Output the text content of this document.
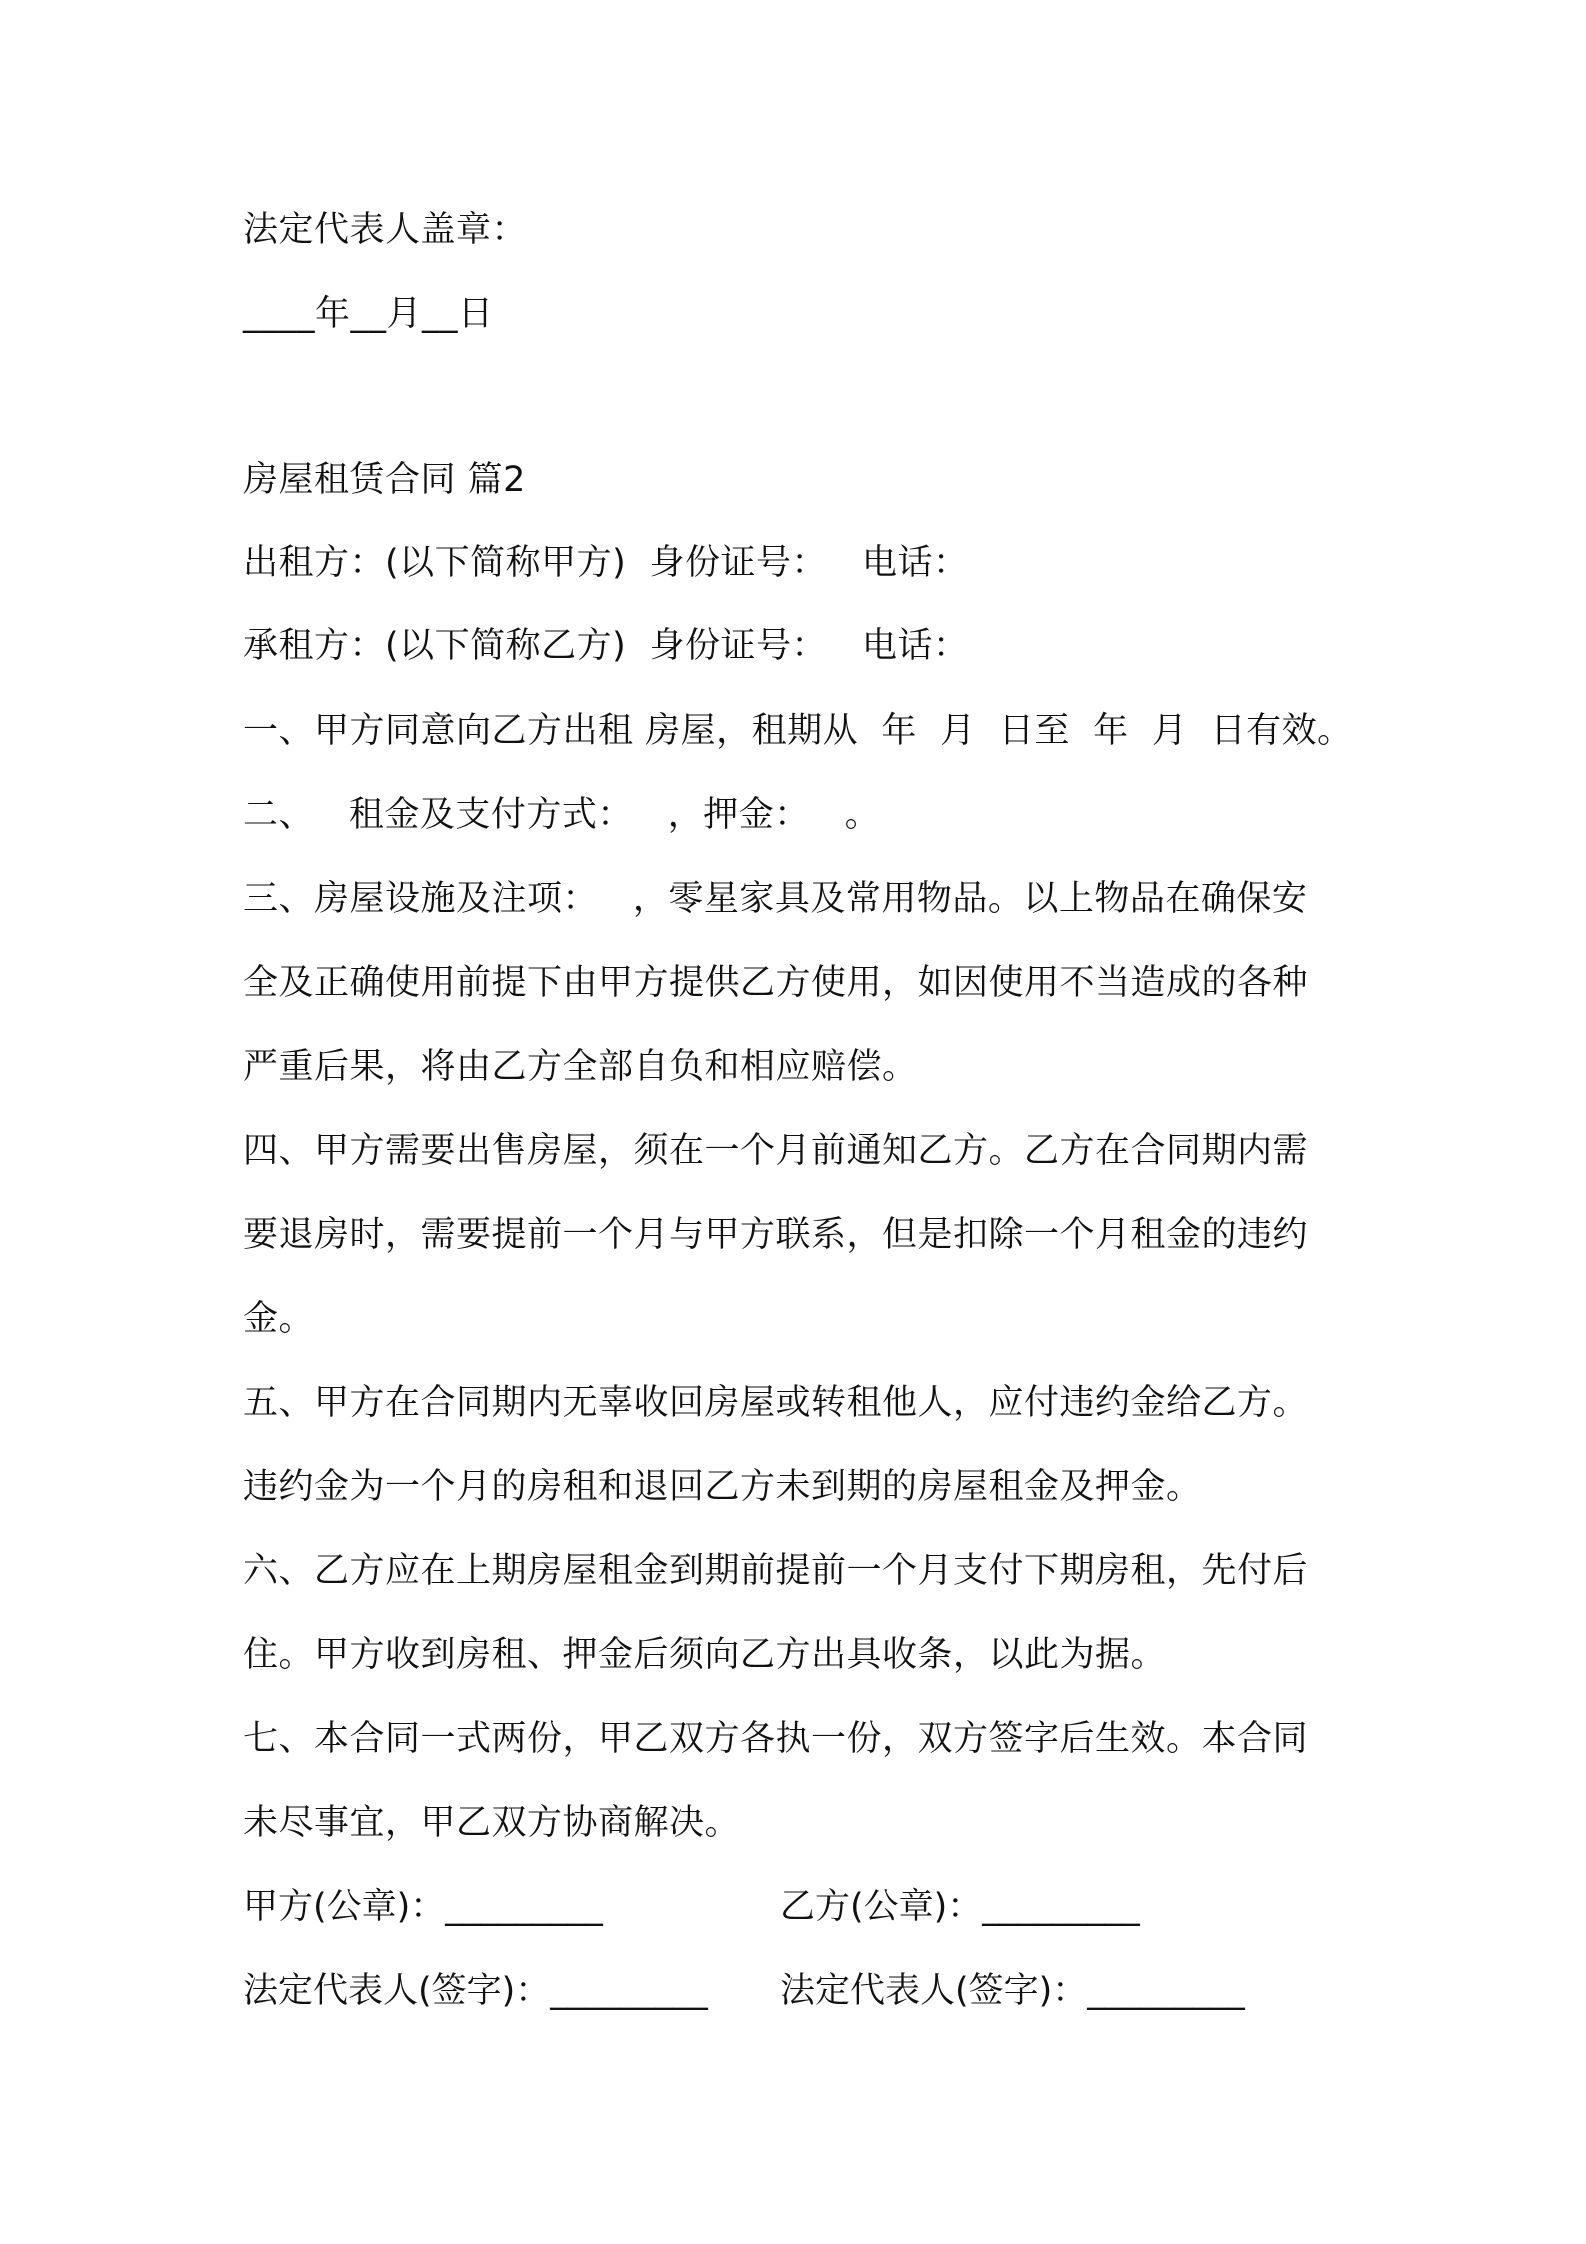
法定代表人盖章：
____年__月__日
房屋租赁合同 篇2
出租方：(以下简称甲方)  身份证号：   电话：
承租方：(以下简称乙方)  身份证号：   电话：
一、甲方同意向乙方出租 房屋，租期从  年  月  日至  年  月  日有效。
二、   租金及支付方式：   ，押金：   。
三、房屋设施及注项：   ，零星家具及常用物品。以上物品在确保安
全及正确使用前提下由甲方提供乙方使用，如因使用不当造成的各种
严重后果，将由乙方全部自负和相应赔偿。
四、甲方需要出售房屋，须在一个月前通知乙方。乙方在合同期内需
要退房时，需要提前一个月与甲方联系，但是扣除一个月租金的违约
金。
五、甲方在合同期内无辜收回房屋或转租他人，应付违约金给乙方。
违约金为一个月的房租和退回乙方未到期的房屋租金及押金。
六、乙方应在上期房屋租金到期前提前一个月支付下期房租，先付后
住。甲方收到房租、押金后须向乙方出具收条，以此为据。
七、本合同一式两份，甲乙双方各执一份，双方签字后生效。本合同
未尽事宜，甲乙双方协商解决。
甲方(公章)：_________	乙方(公章)：_________
法定代表人(签字)：_________ 法定代表人(签字)：_________
